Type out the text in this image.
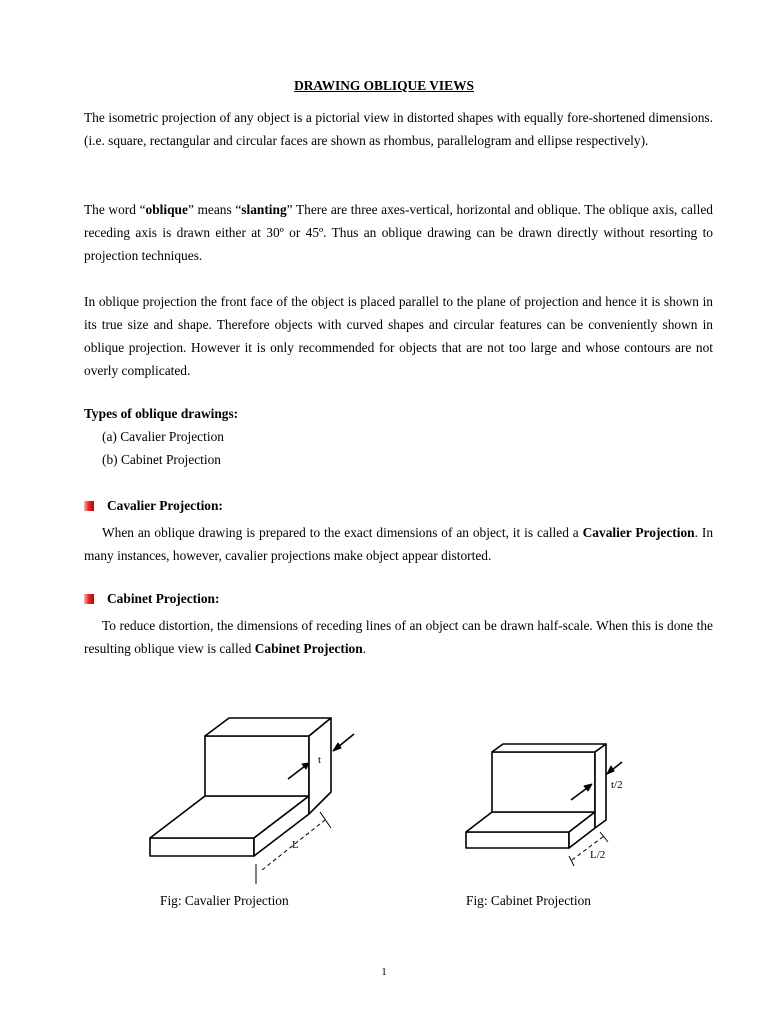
DRAWING OBLIQUE VIEWS

The isometric projection of any object is a pictorial view in distorted shapes with equally fore-shortened dimensions. (i.e. square, rectangular and circular faces are shown as rhombus, parallelogram and ellipse respectively).

The word “oblique” means “slanting” There are three axes-vertical, horizontal and oblique. The oblique axis, called receding axis is drawn either at 30º or 45º. Thus an oblique drawing can be drawn directly without resorting to projection techniques.

In oblique projection the front face of the object is placed parallel to the plane of projection and hence it is shown in its true size and shape. Therefore objects with curved shapes and circular features can be conveniently shown in oblique projection. However it is only recommended for objects that are not too large and whose contours are not overly complicated.

Types of oblique drawings:
(a) Cavalier Projection
(b) Cabinet Projection
Cavalier Projection:

When an oblique drawing is prepared to the exact dimensions of an object, it is called a Cavalier Projection. In many instances, however, cavalier projections make object appear distorted.

Cabinet Projection:

To reduce distortion, the dimensions of receding lines of an object can be drawn half-scale. When this is done the resulting oblique view is called Cabinet Projection.

t
L
t/2
L/2
Fig: Cavalier Projection	Fig: Cabinet Projection
1
